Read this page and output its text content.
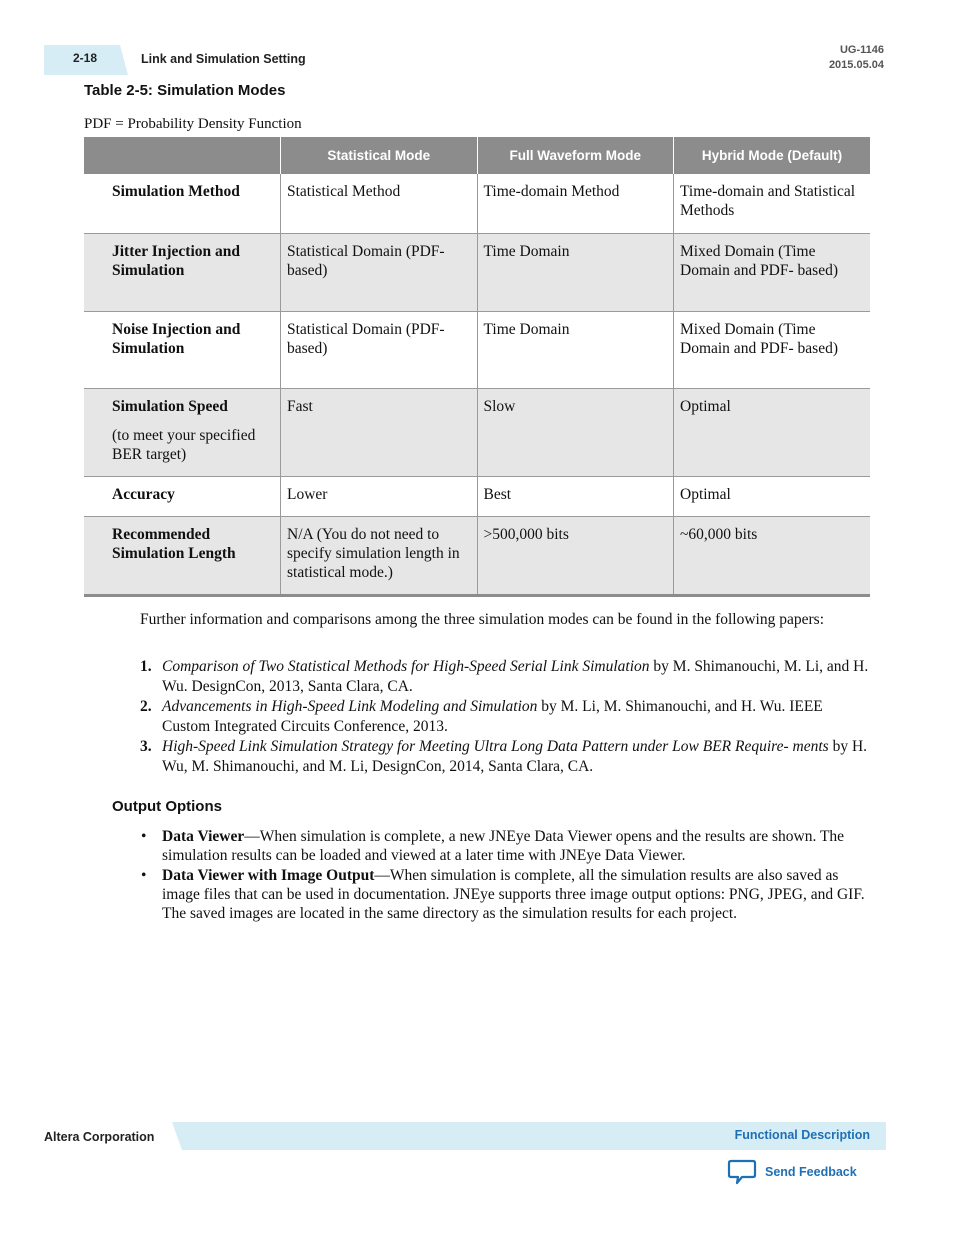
2-18	Link and Simulation Setting
UG-1146
2015.05.04
Table 2-5: Simulation Modes
PDF = Probability Density Function
	Statistical Mode	Full Waveform Mode	Hybrid Mode (Default)
Simulation Method	Statistical Method	Time-domain Method	Time-domain and Statistical Methods
Jitter Injection and Simulation	Statistical Domain (PDF- based)	Time Domain	Mixed Domain (Time Domain and PDF- based)
Noise Injection and Simulation	Statistical Domain (PDF- based)	Time Domain	Mixed Domain (Time Domain and PDF- based)
Simulation Speed
(to meet your specified BER target)	Fast	Slow	Optimal
Accuracy	Lower	Best	Optimal
Recommended Simulation Length	N/A (You do not need to specify simulation length in statistical mode.)	>500,000 bits	~60,000 bits
Further information and comparisons among the three simulation modes can be found in the following papers:
1. Comparison of Two Statistical Methods for High-Speed Serial Link Simulation by M. Shimanouchi, M. Li, and H. Wu. DesignCon, 2013, Santa Clara, CA.
2. Advancements in High-Speed Link Modeling and Simulation by M. Li, M. Shimanouchi, and H. Wu. IEEE Custom Integrated Circuits Conference, 2013.
3. High-Speed Link Simulation Strategy for Meeting Ultra Long Data Pattern under Low BER Require- ments by H. Wu, M. Shimanouchi, and M. Li, DesignCon, 2014, Santa Clara, CA.
Output Options
• Data Viewer—When simulation is complete, a new JNEye Data Viewer opens and the results are shown. The simulation results can be loaded and viewed at a later time with JNEye Data Viewer.
• Data Viewer with Image Output—When simulation is complete, all the simulation results are also saved as image files that can be used in documentation. JNEye supports three image output options: PNG, JPEG, and GIF. The saved images are located in the same directory as the simulation results for each project.
Altera Corporation	Functional Description
Send Feedback
